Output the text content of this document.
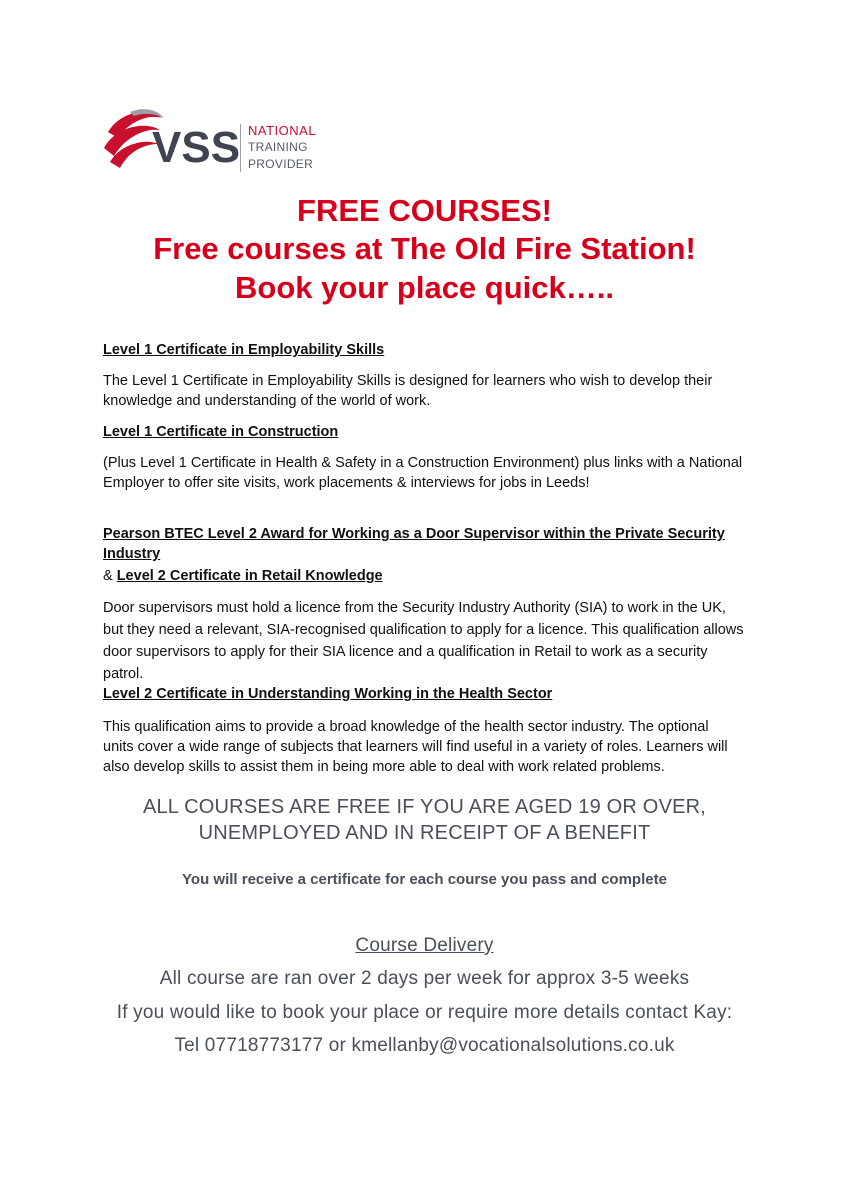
VSS NATIONAL
TRAINING
PROVIDER
FREE COURSES!
Free courses at The Old Fire Station!
Book your place quick…..
Level 1 Certificate in Employability Skills
The Level 1 Certificate in Employability Skills is designed for learners who wish to develop their
knowledge and understanding of the world of work.
Level 1 Certificate in Construction
(Plus Level 1 Certificate in Health & Safety in a Construction Environment) plus links with a National
Employer to offer site visits, work placements & interviews for jobs in Leeds!
Pearson BTEC Level 2 Award for Working as a Door Supervisor within the Private Security Industry
& Level 2 Certificate in Retail Knowledge
Door supervisors must hold a licence from the Security Industry Authority (SIA) to work in the UK,
but they need a relevant, SIA-recognised qualification to apply for a licence. This qualification allows
door supervisors to apply for their SIA licence and a qualification in Retail to work as a security
patrol.
Level 2 Certificate in Understanding Working in the Health Sector
This qualification aims to provide a broad knowledge of the health sector industry. The optional
units cover a wide range of subjects that learners will find useful in a variety of roles. Learners will
also develop skills to assist them in being more able to deal with work related problems.
ALL COURSES ARE FREE IF YOU ARE AGED 19 OR OVER,
UNEMPLOYED AND IN RECEIPT OF A BENEFIT
You will receive a certificate for each course you pass and complete
Course Delivery
All course are ran over 2 days per week for approx 3-5 weeks
If you would like to book your place or require more details contact Kay:
Tel 07718773177 or kmellanby@vocationalsolutions.co.uk
